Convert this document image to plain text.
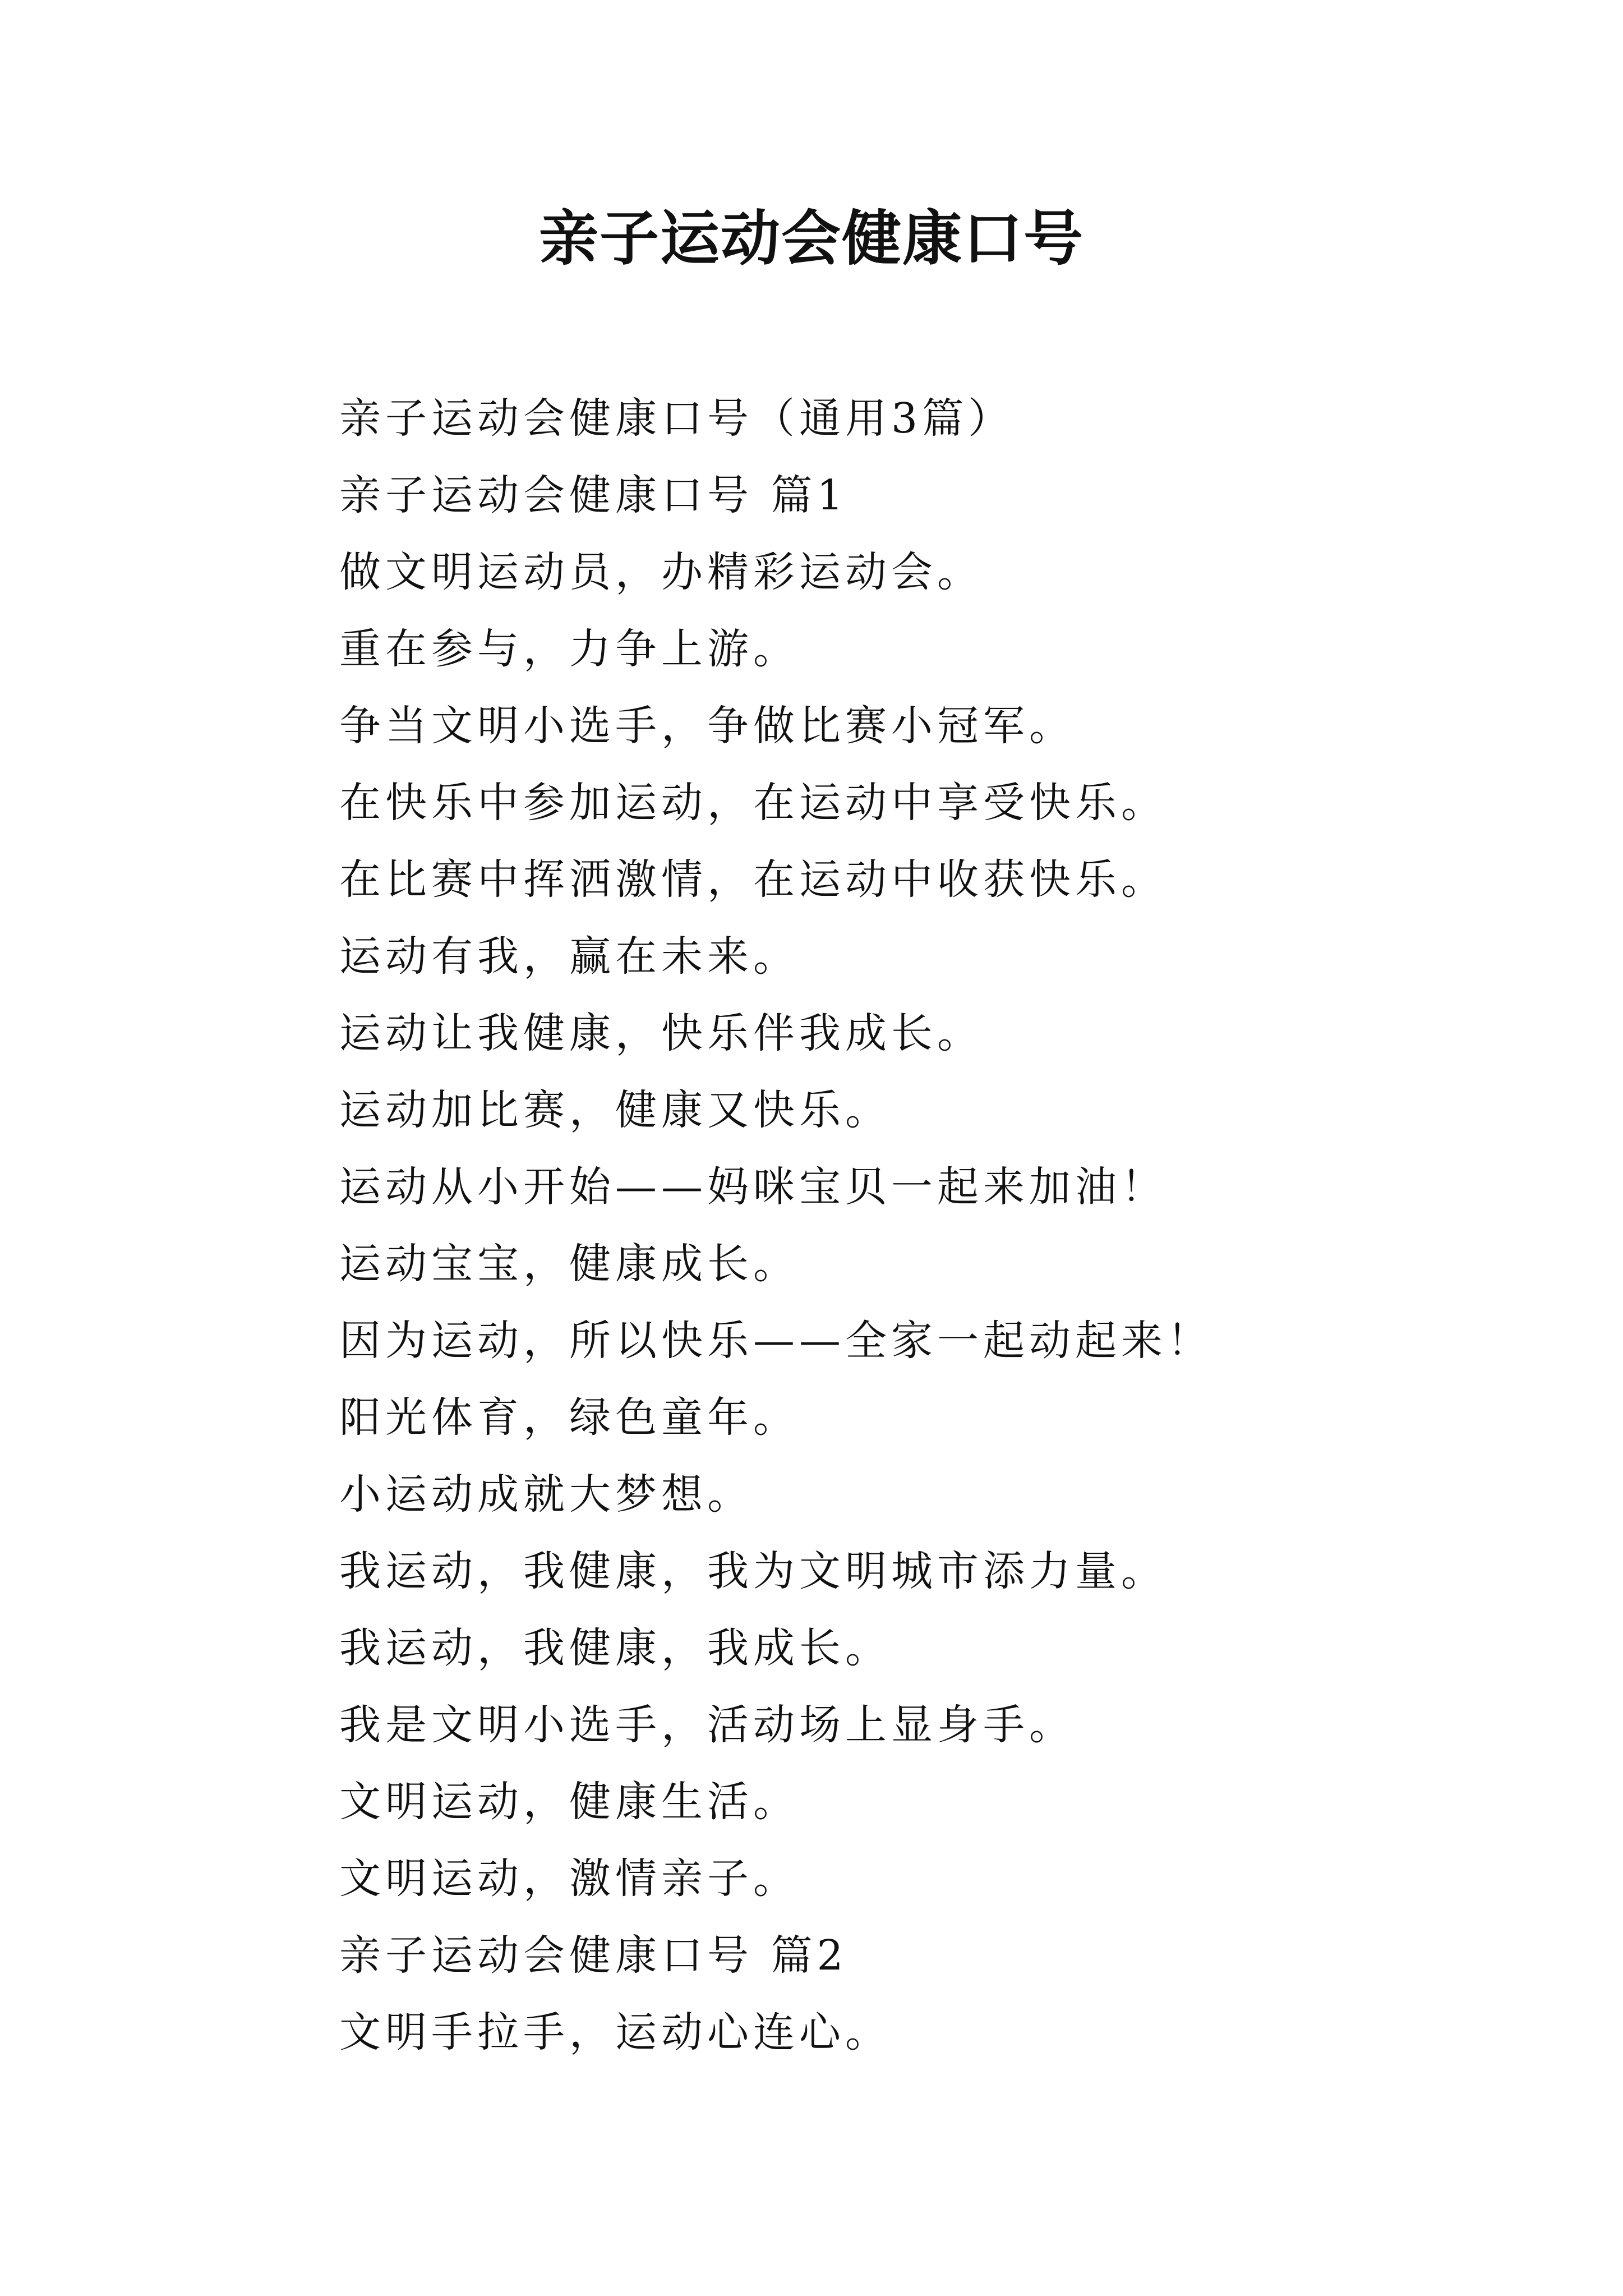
亲子运动会健康口号
亲子运动会健康口号（通用3篇）
亲子运动会健康口号 篇1
做文明运动员，办精彩运动会。
重在参与，力争上游。
争当文明小选手，争做比赛小冠军。
在快乐中参加运动，在运动中享受快乐。
在比赛中挥洒激情，在运动中收获快乐。
运动有我，赢在未来。
运动让我健康，快乐伴我成长。
运动加比赛，健康又快乐。
运动从小开始——妈咪宝贝一起来加油！
运动宝宝，健康成长。
因为运动，所以快乐——全家一起动起来！
阳光体育，绿色童年。
小运动成就大梦想。
我运动，我健康，我为文明城市添力量。
我运动，我健康，我成长。
我是文明小选手，活动场上显身手。
文明运动，健康生活。
文明运动，激情亲子。
亲子运动会健康口号 篇2
文明手拉手，运动心连心。
